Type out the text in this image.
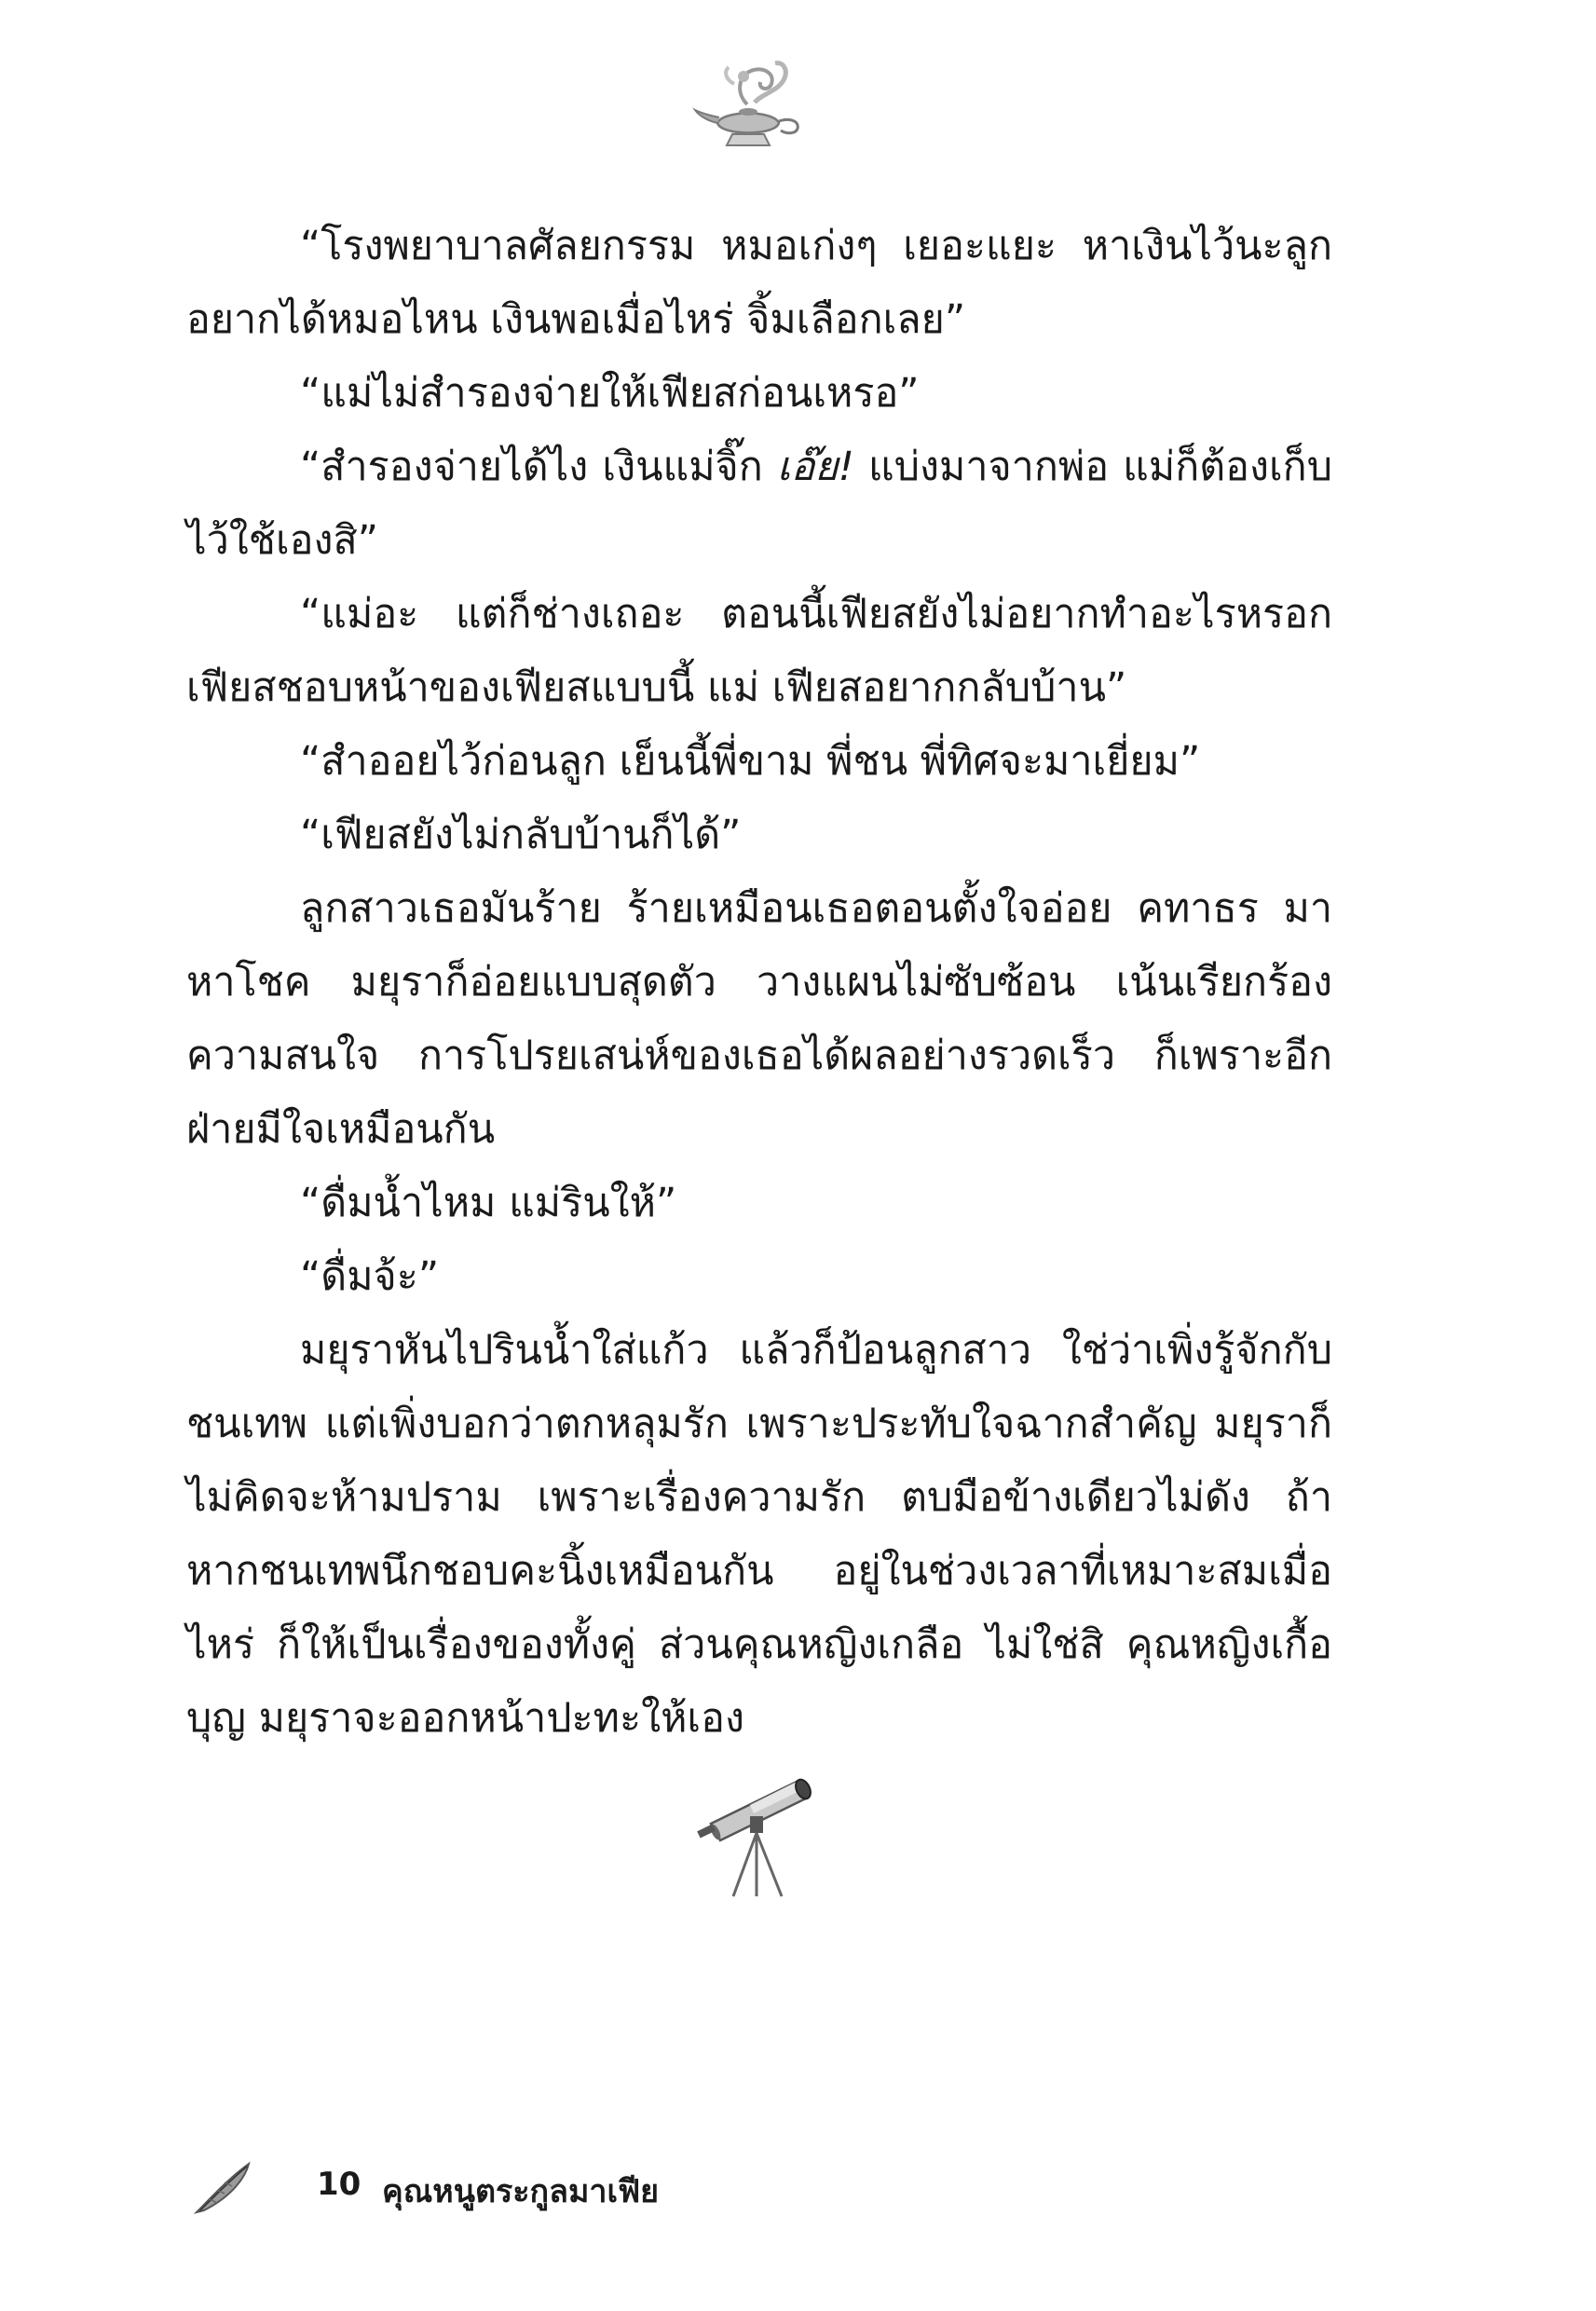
“โรงพยาบาลศัลยกรรม หมอเก่งๆ เยอะแยะ หาเงินไว้นะลูก อยากได้หมอไหน เงินพอเมื่อไหร่ จิ้มเลือกเลย”

“แม่ไม่สำรองจ่ายให้เฟียสก่อนเหรอ”

“สำรองจ่ายได้ไง เงินแม่จิ๊ก เอ๊ย! แบ่งมาจากพ่อ แม่ก็ต้องเก็บไว้ใช้เองสิ”

“แม่อะ แต่ก็ช่างเถอะ ตอนนี้เฟียสยังไม่อยากทำอะไรหรอก เฟียสชอบหน้าของเฟียสแบบนี้ แม่ เฟียสอยากกลับบ้าน”

“สำออยไว้ก่อนลูก เย็นนี้พี่ขาม พี่ชน พี่ทิศจะมาเยี่ยม”

“เฟียสยังไม่กลับบ้านก็ได้”

ลูกสาวเธอมันร้าย ร้ายเหมือนเธอตอนตั้งใจอ่อย คทาธร มาหาโชค มยุราก็อ่อยแบบสุดตัว วางแผนไม่ซับซ้อน เน้นเรียกร้องความสนใจ การโปรยเสน่ห์ของเธอได้ผลอย่างรวดเร็ว ก็เพราะอีกฝ่ายมีใจเหมือนกัน

“ดื่มน้ำไหม แม่รินให้”

“ดื่มจ้ะ”

มยุราหันไปรินน้ำใส่แก้ว แล้วก็ป้อนลูกสาว ใช่ว่าเพิ่งรู้จักกับชนเทพ แต่เพิ่งบอกว่าตกหลุมรัก เพราะประทับใจฉากสำคัญ มยุราก็ไม่คิดจะห้ามปราม เพราะเรื่องความรัก ตบมือข้างเดียวไม่ดัง ถ้าหากชนเทพนึกชอบคะนิ้งเหมือนกัน อยู่ในช่วงเวลาที่เหมาะสมเมื่อไหร่ ก็ให้เป็นเรื่องของทั้งคู่ ส่วนคุณหญิงเกลือ ไม่ใช่สิ คุณหญิงเกื้อบุญ มยุราจะออกหน้าปะทะให้เอง

10 คุณหนูตระกูลมาเฟีย
